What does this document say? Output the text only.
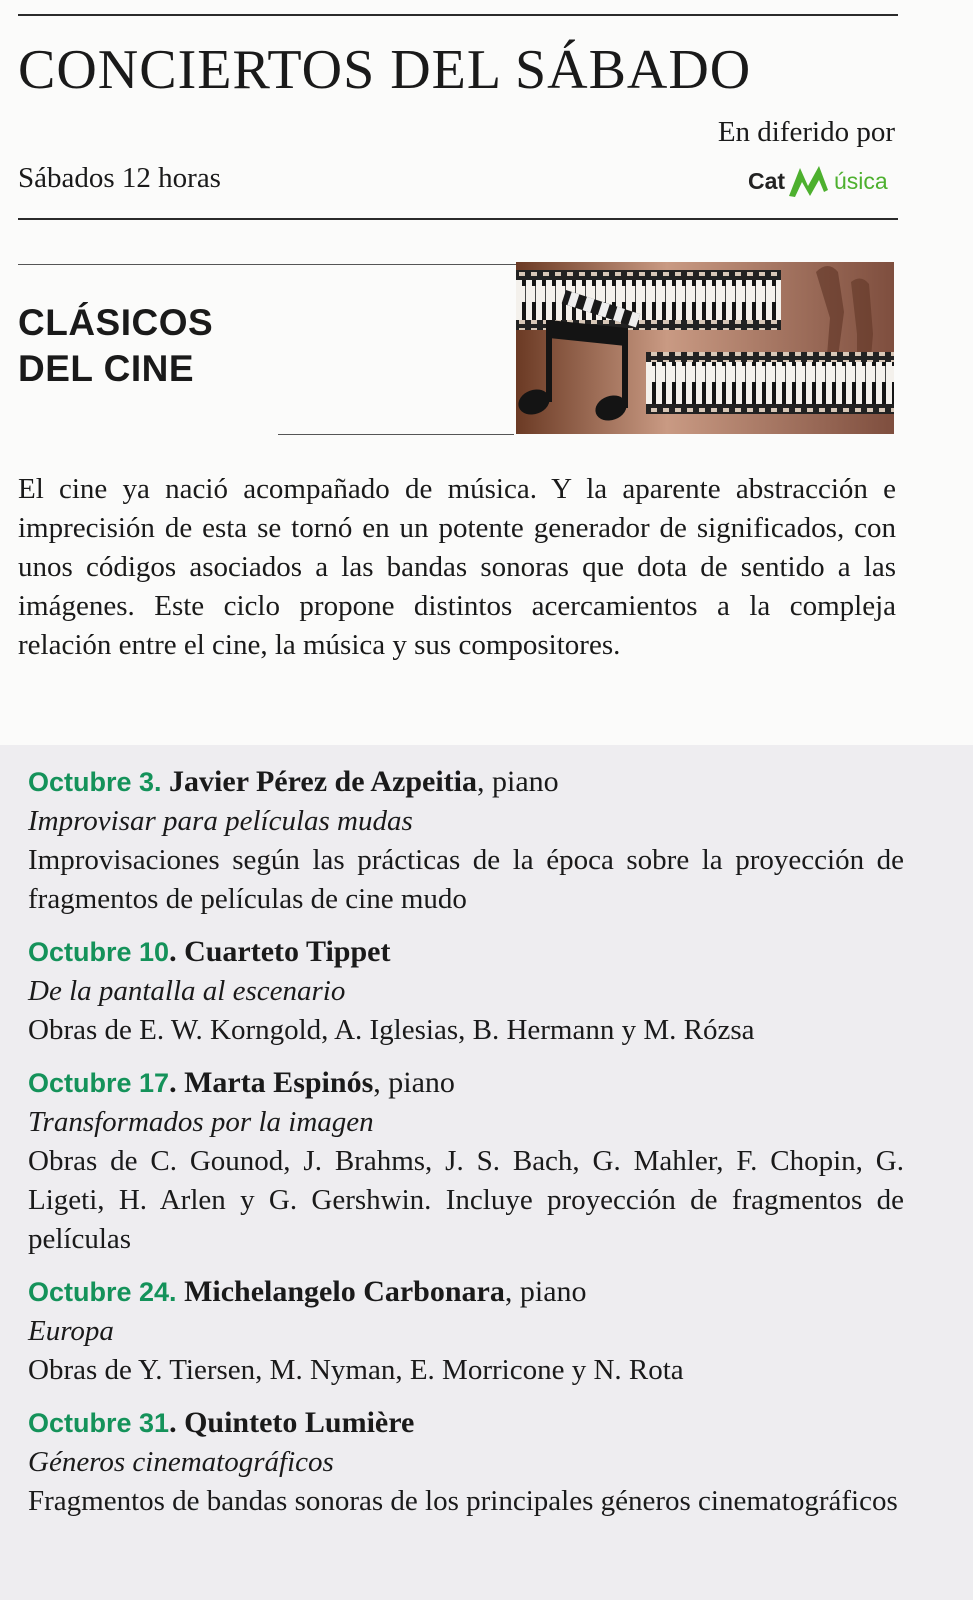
CONCIERTOS DEL SÁBADO
En diferido por
Sábados 12 horas	Cat úsica
CLÁSICOS
DEL CINE

El cine ya nació acompañado de música. Y la aparente abstracción e imprecisión de esta se tornó en un potente generador de significados, con unos códigos asociados a las bandas sonoras que dota de sentido a las imágenes. Este ciclo propone distintos acercamientos a la compleja relación entre el cine, la música y sus compositores.

Octubre 3. Javier Pérez de Azpeitia, piano
Improvisar para películas mudas
Improvisaciones según las prácticas de la época sobre la proyección de fragmentos de películas de cine mudo
Octubre 10. Cuarteto Tippet
De la pantalla al escenario
Obras de E. W. Korngold, A. Iglesias, B. Hermann y M. Rózsa
Octubre 17. Marta Espinós, piano
Transformados por la imagen
Obras de C. Gounod, J. Brahms, J. S. Bach, G. Mahler, F. Chopin, G. Ligeti, H. Arlen y G. Gershwin. Incluye proyección de fragmentos de películas
Octubre 24. Michelangelo Carbonara, piano
Europa
Obras de Y. Tiersen, M. Nyman, E. Morricone y N. Rota
Octubre 31. Quinteto Lumière
Géneros cinematográficos
Fragmentos de bandas sonoras de los principales géneros cinematográficos
